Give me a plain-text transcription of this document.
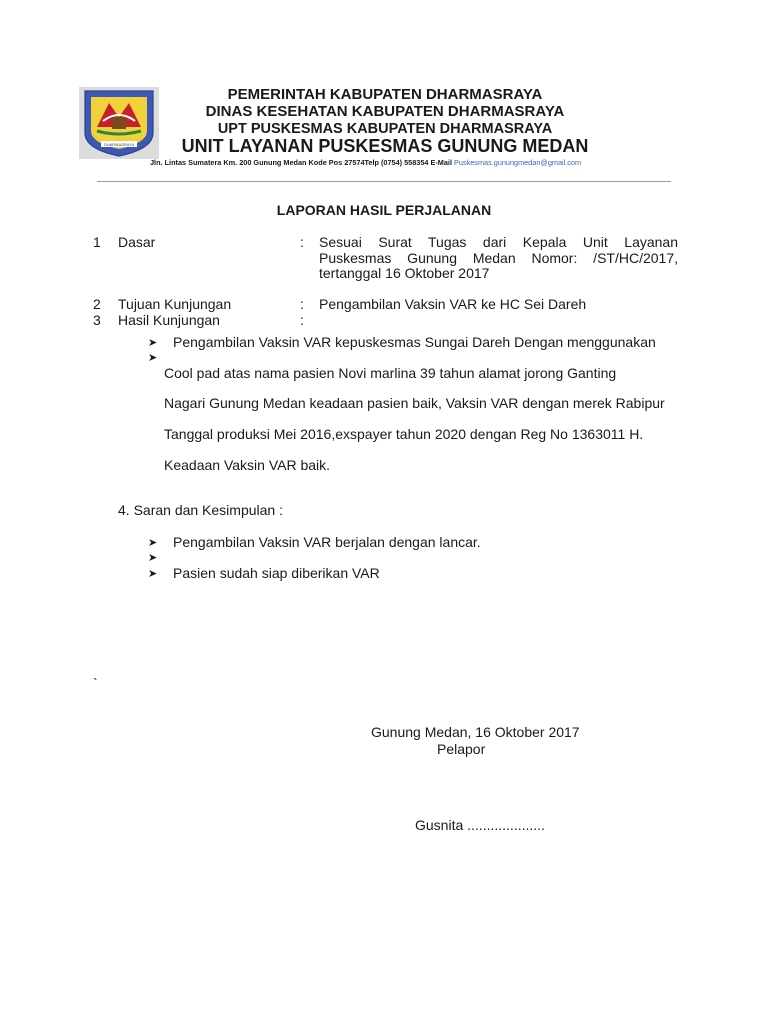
DHARMASRAYA
PEMERINTAH KABUPATEN DHARMASRAYA
DINAS KESEHATAN KABUPATEN DHARMASRAYA
UPT PUSKESMAS KABUPATEN DHARMASRAYA
UNIT LAYANAN PUSKESMAS GUNUNG MEDAN
Jln. Lintas Sumatera Km. 200 Gunung Medan Kode Pos 27574Telp (0754) 558354 E-Mail Puskesmas.gunungmedan@gmail.com
LAPORAN HASIL PERJALANAN
1 Dasar	: Sesuai Surat Tugas dari Kepala Unit Layanan
Puskesmas Gunung Medan Nomor: /ST/HC/2017,
tertanggal 16 Oktober 2017
2 Tujuan Kunjungan	: Pengambilan Vaksin VAR ke HC Sei Dareh
3 Hasil Kunjungan	:
➤ Pengambilan Vaksin VAR kepuskesmas Sungai Dareh Dengan menggunakan
➤
Cool pad atas nama pasien Novi marlina 39 tahun alamat jorong Ganting
Nagari Gunung Medan keadaan pasien baik, Vaksin VAR dengan merek Rabipur
Tanggal produksi Mei 2016,exspayer tahun 2020 dengan Reg No 1363011 H.
Keadaan Vaksin VAR baik.
4. Saran dan Kesimpulan :
➤ Pengambilan Vaksin VAR berjalan dengan lancar.
➤
➤ Pasien sudah siap diberikan VAR
`
Gunung Medan, 16 Oktober 2017
Pelapor
Gusnita ....................
